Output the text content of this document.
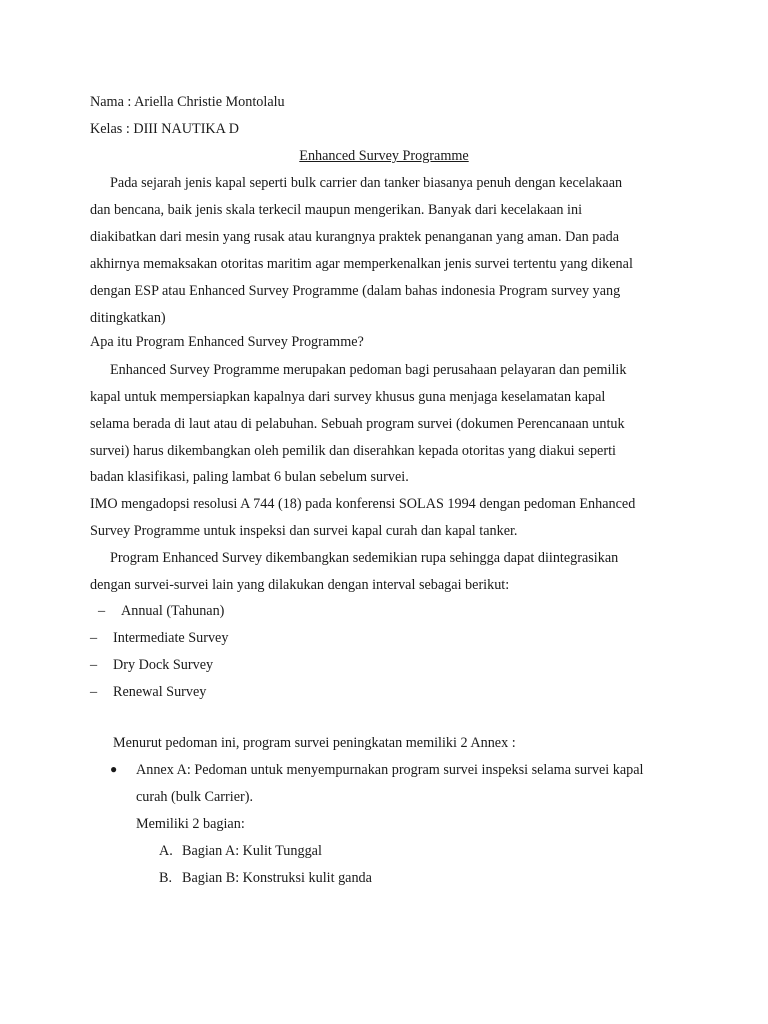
Nama : Ariella Christie Montolalu
Kelas : DIII NAUTIKA D
Enhanced Survey Programme
Pada sejarah jenis kapal seperti bulk carrier dan tanker biasanya penuh dengan kecelakaan
dan bencana, baik jenis skala terkecil maupun mengerikan. Banyak dari kecelakaan ini
diakibatkan dari mesin yang rusak atau kurangnya praktek penanganan yang aman. Dan pada
akhirnya memaksakan otoritas maritim agar memperkenalkan jenis survei tertentu yang dikenal
dengan ESP atau Enhanced Survey Programme (dalam bahas indonesia Program survey yang
ditingkatkan)
Apa itu Program Enhanced Survey Programme?
Enhanced Survey Programme merupakan pedoman bagi perusahaan pelayaran dan pemilik
kapal untuk mempersiapkan kapalnya dari survey khusus guna menjaga keselamatan kapal
selama berada di laut atau di pelabuhan. Sebuah program survei (dokumen Perencanaan untuk
survei) harus dikembangkan oleh pemilik dan diserahkan kepada otoritas yang diakui seperti
badan klasifikasi, paling lambat 6 bulan sebelum survei.
IMO mengadopsi resolusi A 744 (18) pada konferensi SOLAS 1994 dengan pedoman Enhanced
Survey Programme untuk inspeksi dan survei kapal curah dan kapal tanker.
Program Enhanced Survey dikembangkan sedemikian rupa sehingga dapat diintegrasikan
dengan survei-survei lain yang dilakukan dengan interval sebagai berikut:
– Annual (Tahunan)
– Intermediate Survey
– Dry Dock Survey
– Renewal Survey
Menurut pedoman ini, program survei peningkatan memiliki 2 Annex :
● Annex A: Pedoman untuk menyempurnakan program survei inspeksi selama survei kapal
curah (bulk Carrier).
Memiliki 2 bagian:
A. Bagian A: Kulit Tunggal
B. Bagian B: Konstruksi kulit ganda
